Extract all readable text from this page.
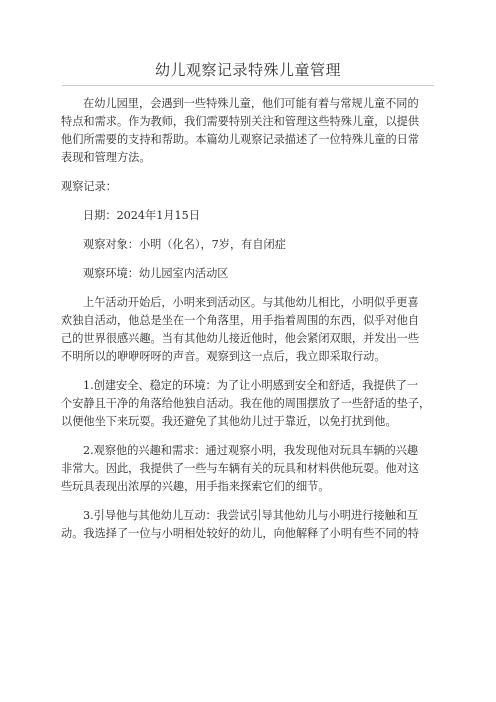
幼儿观察记录特殊儿童管理
在幼儿园里，会遇到一些特殊儿童，他们可能有着与常规儿童不同的
特点和需求。作为教师，我们需要特别关注和管理这些特殊儿童，以提供
他们所需要的支持和帮助。本篇幼儿观察记录描述了一位特殊儿童的日常
表现和管理方法。
观察记录：
日期：2024年1月15日
观察对象：小明（化名），7岁，有自闭症
观察环境：幼儿园室内活动区
上午活动开始后，小明来到活动区。与其他幼儿相比，小明似乎更喜
欢独自活动，他总是坐在一个角落里，用手指着周围的东西，似乎对他自
己的世界很感兴趣。当有其他幼儿接近他时，他会紧闭双眼，并发出一些
不明所以的咿咿呀呀的声音。观察到这一点后，我立即采取行动。
1.创建安全、稳定的环境：为了让小明感到安全和舒适，我提供了一
个安静且干净的角落给他独自活动。我在他的周围摆放了一些舒适的垫子，
以便他坐下来玩耍。我还避免了其他幼儿过于靠近，以免打扰到他。
2.观察他的兴趣和需求：通过观察小明，我发现他对玩具车辆的兴趣
非常大。因此，我提供了一些与车辆有关的玩具和材料供他玩耍。他对这
些玩具表现出浓厚的兴趣，用手指来探索它们的细节。
3.引导他与其他幼儿互动：我尝试引导其他幼儿与小明进行接触和互
动。我选择了一位与小明相处较好的幼儿，向他解释了小明有些不同的特
